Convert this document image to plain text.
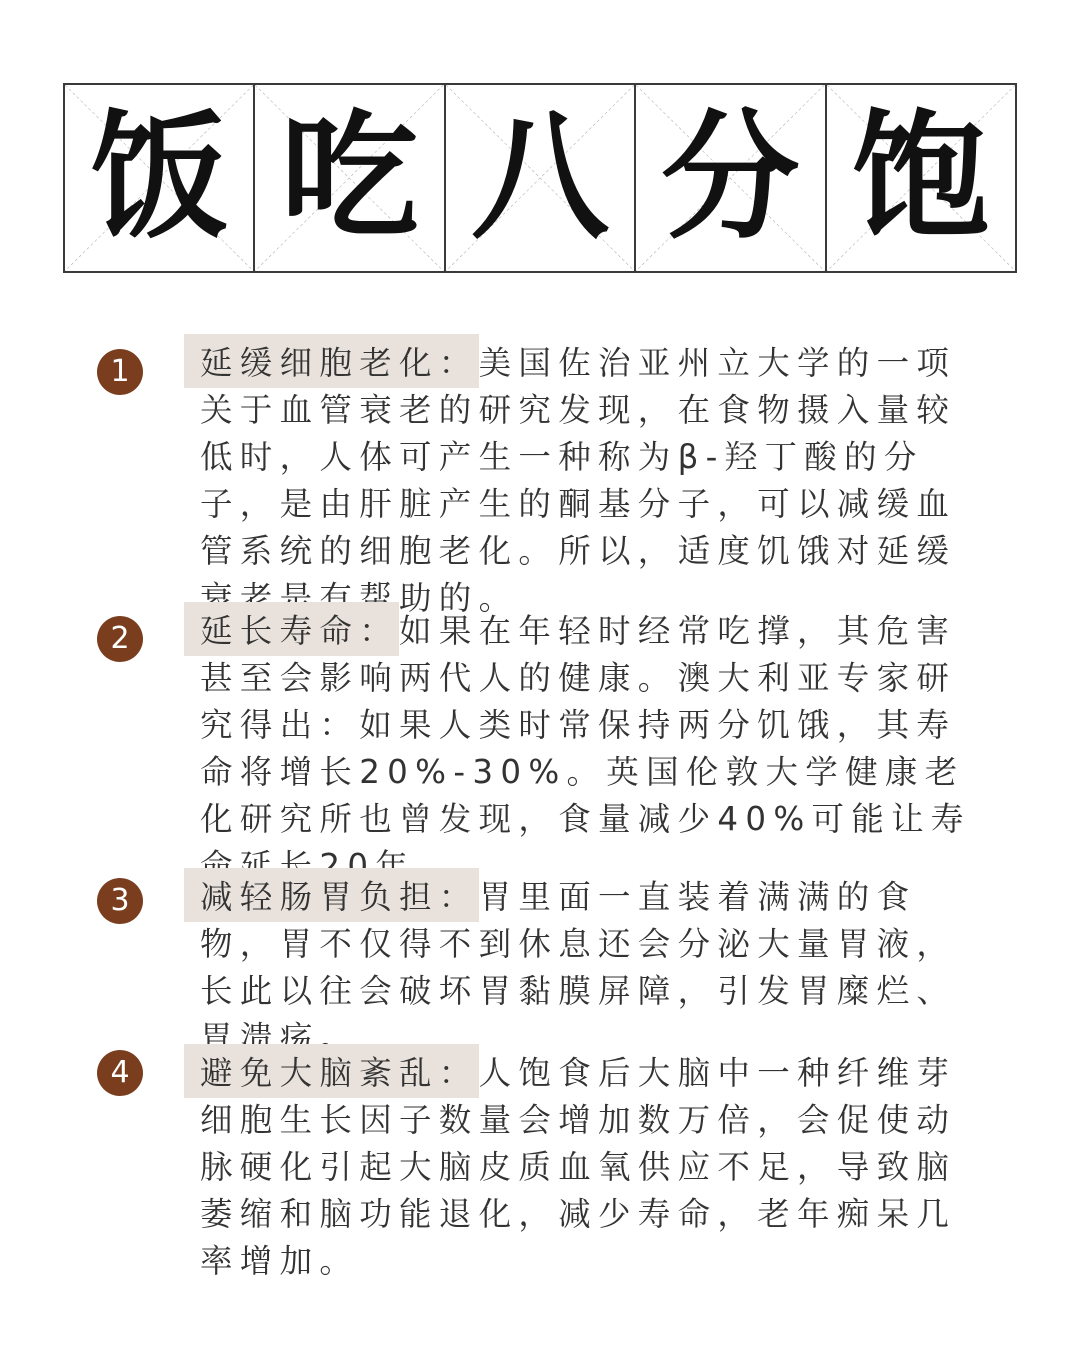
饭 吃 八 分 饱
1	延缓细胞老化：美国佐治亚州立大学的一项关于血管衰老的研究发现，在食物摄入量较低时，人体可产生一种称为β-羟丁酸的分子，是由肝脏产生的酮基分子，可以减缓血管系统的细胞老化。所以，适度饥饿对延缓衰老是有帮助的。

2	延长寿命：如果在年轻时经常吃撑，其危害甚至会影响两代人的健康。澳大利亚专家研究得出：如果人类时常保持两分饥饿，其寿命将增长20%-30%。英国伦敦大学健康老化研究所也曾发现，食量减少40%可能让寿命延长20年。

3	减轻肠胃负担：胃里面一直装着满满的食物，胃不仅得不到休息还会分泌大量胃液，长此以往会破坏胃黏膜屏障，引发胃糜烂、胃溃疡。

4	避免大脑紊乱：人饱食后大脑中一种纤维芽细胞生长因子数量会增加数万倍，会促使动脉硬化引起大脑皮质血氧供应不足，导致脑萎缩和脑功能退化，减少寿命，老年痴呆几率增加。
